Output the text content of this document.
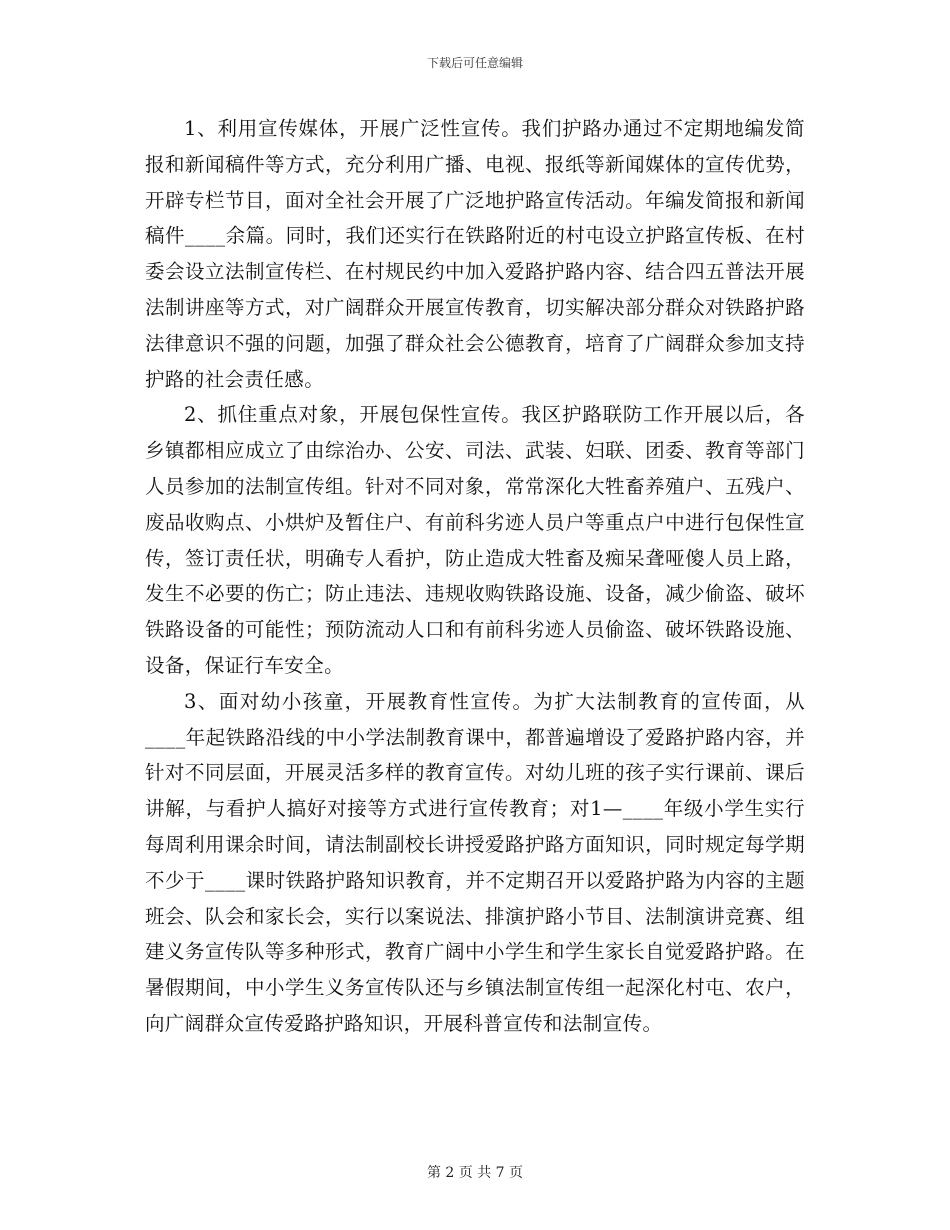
下载后可任意编辑

1、利用宣传媒体，开展广泛性宣传。我们护路办通过不定期地编发简报和新闻稿件等方式，充分利用广播、电视、报纸等新闻媒体的宣传优势，开辟专栏节目，面对全社会开展了广泛地护路宣传活动。年编发简报和新闻稿件____余篇。同时，我们还实行在铁路附近的村屯设立护路宣传板、在村委会设立法制宣传栏、在村规民约中加入爱路护路内容、结合四五普法开展法制讲座等方式，对广阔群众开展宣传教育，切实解决部分群众对铁路护路法律意识不强的问题，加强了群众社会公德教育，培育了广阔群众参加支持护路的社会责任感。

2、抓住重点对象，开展包保性宣传。我区护路联防工作开展以后，各乡镇都相应成立了由综治办、公安、司法、武装、妇联、团委、教育等部门人员参加的法制宣传组。针对不同对象，常常深化大牲畜养殖户、五残户、废品收购点、小烘炉及暂住户、有前科劣迹人员户等重点户中进行包保性宣传，签订责任状，明确专人看护，防止造成大牲畜及痴呆聋哑傻人员上路，发生不必要的伤亡；防止违法、违规收购铁路设施、设备，减少偷盗、破坏铁路设备的可能性；预防流动人口和有前科劣迹人员偷盗、破坏铁路设施、设备，保证行车安全。

3、面对幼小孩童，开展教育性宣传。为扩大法制教育的宣传面，从____年起铁路沿线的中小学法制教育课中，都普遍增设了爱路护路内容，并针对不同层面，开展灵活多样的教育宣传。对幼儿班的孩子实行课前、课后讲解，与看护人搞好对接等方式进行宣传教育；对1—____年级小学生实行每周利用课余时间，请法制副校长讲授爱路护路方面知识，同时规定每学期不少于____课时铁路护路知识教育，并不定期召开以爱路护路为内容的主题班会、队会和家长会，实行以案说法、排演护路小节目、法制演讲竞赛、组建义务宣传队等多种形式，教育广阔中小学生和学生家长自觉爱路护路。在暑假期间，中小学生义务宣传队还与乡镇法制宣传组一起深化村屯、农户，向广阔群众宣传爱路护路知识，开展科普宣传和法制宣传。

第 2 页 共 7 页
